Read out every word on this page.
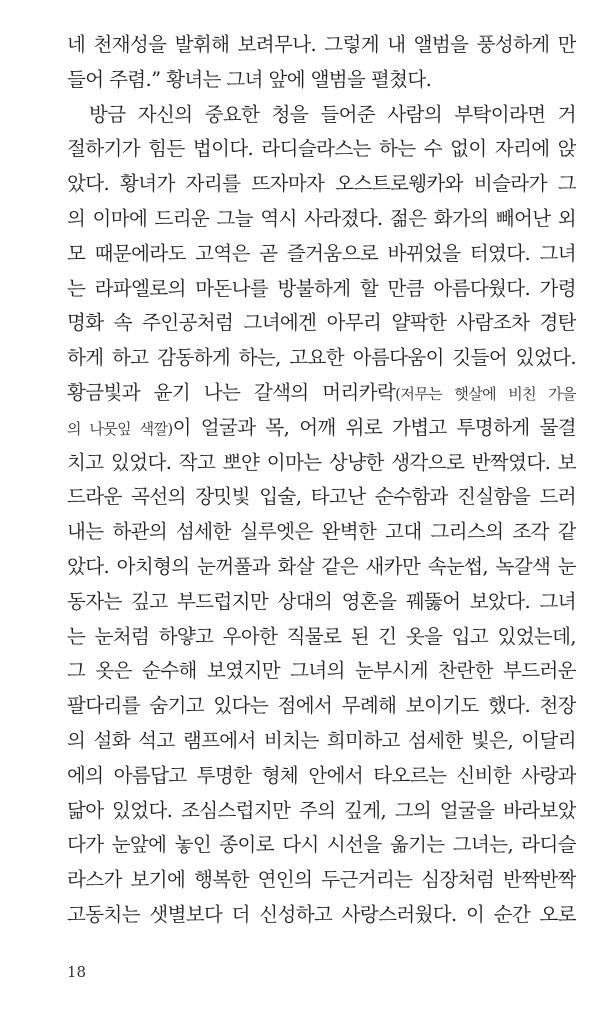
네 천재성을 발휘해 보려무나. 그렇게 내 앨범을 풍성하게 만
들어 주렴.” 황녀는 그녀 앞에 앨범을 펼쳤다.
방금 자신의 중요한 청을 들어준 사람의 부탁이라면 거
절하기가 힘든 법이다. 라디슬라스는 하는 수 없이 자리에 앉
았다. 황녀가 자리를 뜨자마자 오스트로웽카와 비슬라가 그
의 이마에 드리운 그늘 역시 사라졌다. 젊은 화가의 빼어난 외
모 때문에라도 고역은 곧 즐거움으로 바뀌었을 터였다. 그녀
는 라파엘로의 마돈나를 방불하게 할 만큼 아름다웠다. 가령
명화 속 주인공처럼 그녀에겐 아무리 얄팍한 사람조차 경탄
하게 하고 감동하게 하는, 고요한 아름다움이 깃들어 있었다.
황금빛과 윤기 나는 갈색의 머리카락(저무는 햇살에 비친 가을
의 나뭇잎 색깔)이 얼굴과 목, 어깨 위로 가볍고 투명하게 물결
치고 있었다. 작고 뽀얀 이마는 상냥한 생각으로 반짝였다. 보
드라운 곡선의 장밋빛 입술, 타고난 순수함과 진실함을 드러
내는 하관의 섬세한 실루엣은 완벽한 고대 그리스의 조각 같
았다. 아치형의 눈꺼풀과 화살 같은 새카만 속눈썹, 녹갈색 눈
동자는 깊고 부드럽지만 상대의 영혼을 꿰뚫어 보았다. 그녀
는 눈처럼 하얗고 우아한 직물로 된 긴 옷을 입고 있었는데,
그 옷은 순수해 보였지만 그녀의 눈부시게 찬란한 부드러운
팔다리를 숨기고 있다는 점에서 무례해 보이기도 했다. 천장
의 설화 석고 램프에서 비치는 희미하고 섬세한 빛은, 이달리
에의 아름답고 투명한 형체 안에서 타오르는 신비한 사랑과
닮아 있었다. 조심스럽지만 주의 깊게, 그의 얼굴을 바라보았
다가 눈앞에 놓인 종이로 다시 시선을 옮기는 그녀는, 라디슬
라스가 보기에 행복한 연인의 두근거리는 심장처럼 반짝반짝
고동치는 샛별보다 더 신성하고 사랑스러웠다. 이 순간 오로
18
